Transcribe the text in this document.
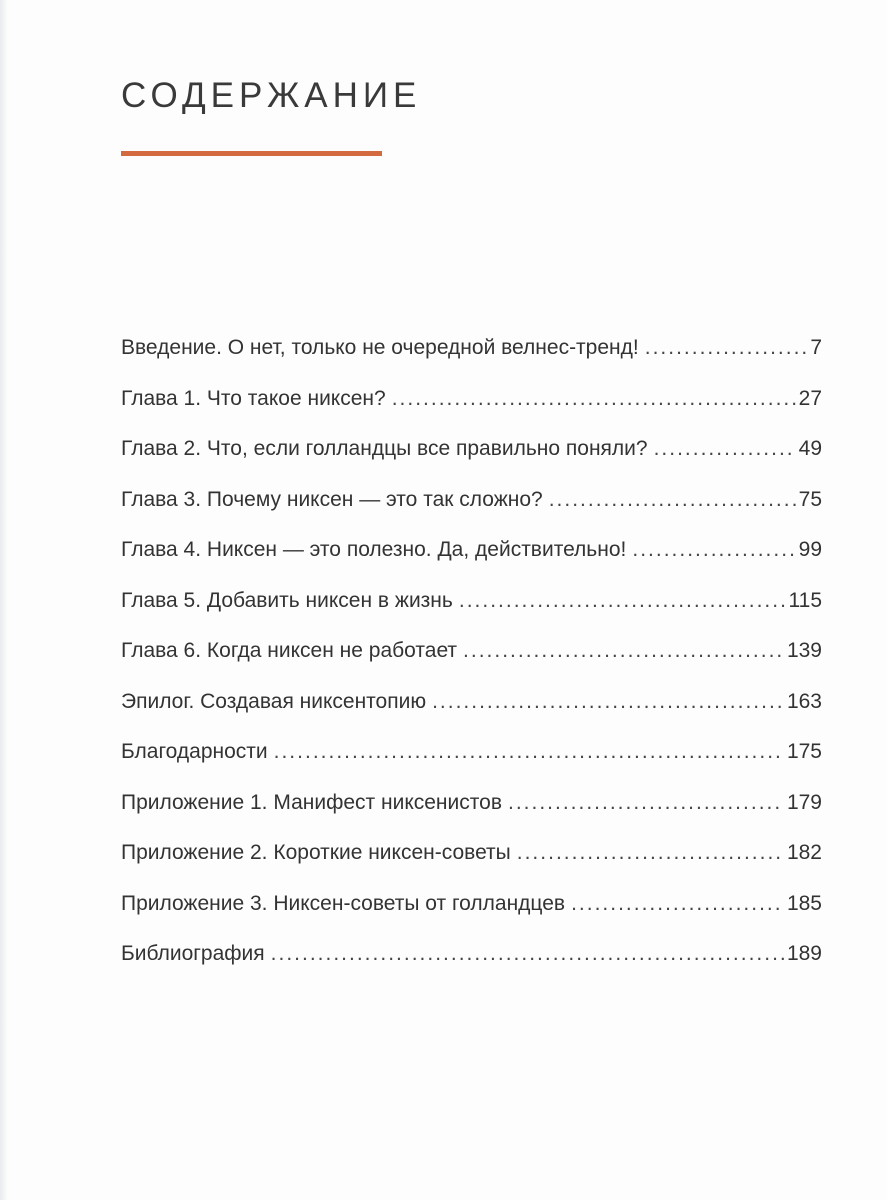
СОДЕРЖАНИЕ
Введение. О нет, только не очередной велнес-тренд! .....	7
Глава 1. Что такое никсен? .....	27
Глава 2. Что, если голландцы все правильно поняли? .....	49
Глава 3. Почему никсен — это так сложно? .....	75
Глава 4. Никсен — это полезно. Да, действительно! .....	99
Глава 5. Добавить никсен в жизнь .....	115
Глава 6. Когда никсен не работает .....	139
Эпилог. Создавая никсентопию .....	163
Благодарности .....	175
Приложение 1. Манифест никсенистов .....	179
Приложение 2. Короткие никсен-советы .....	182
Приложение 3. Никсен-советы от голландцев .....	185
Библиография .....	189
